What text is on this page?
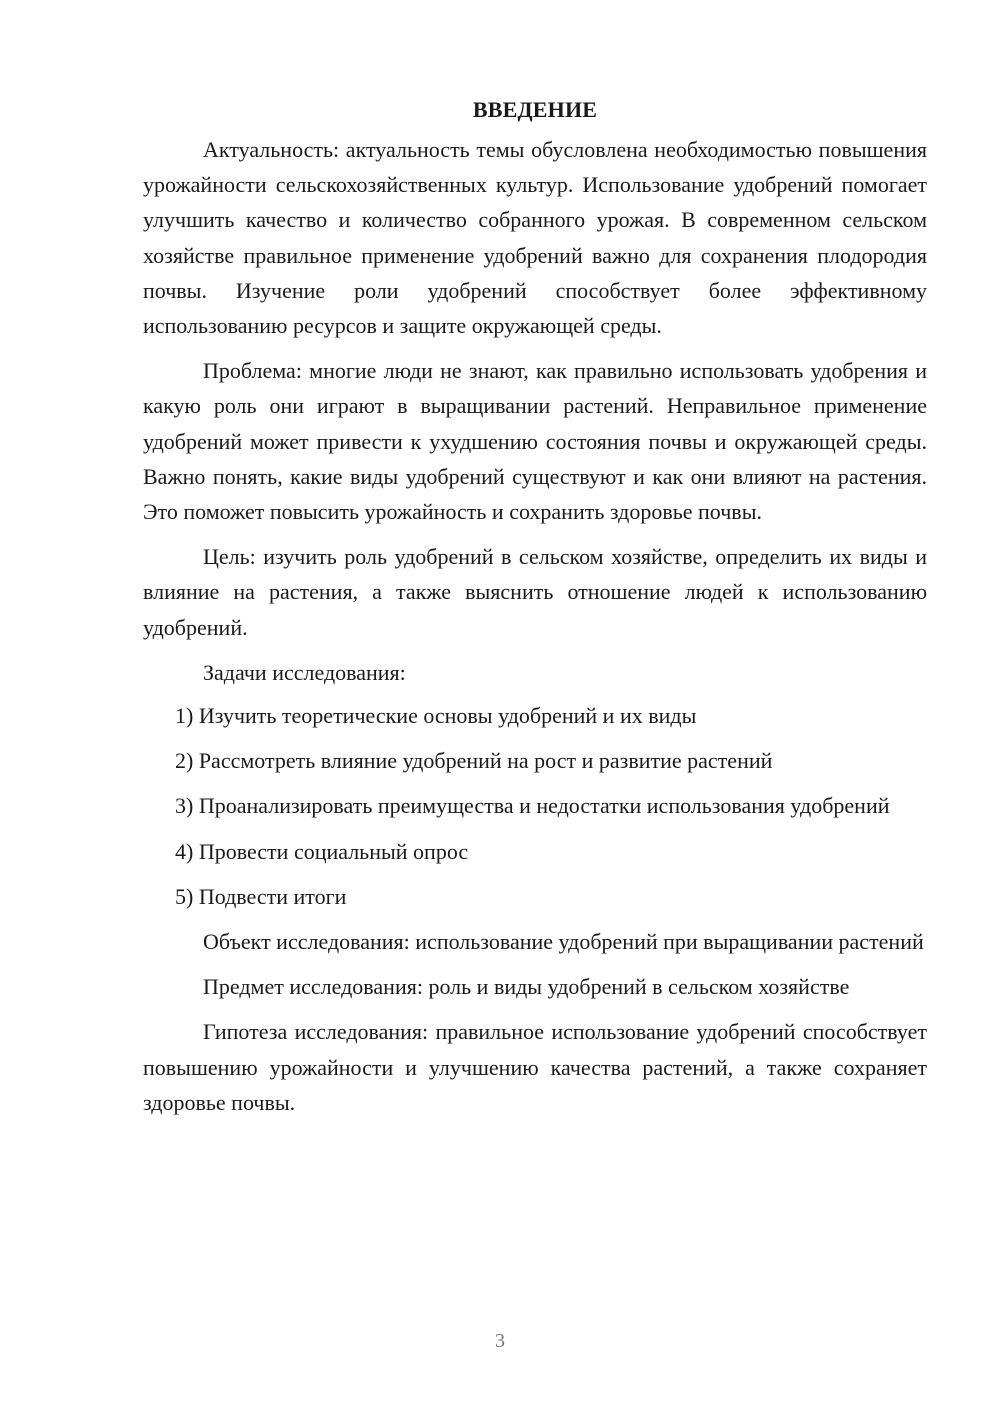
ВВЕДЕНИЕ

Актуальность: актуальность темы обусловлена необходимостью повышения урожайности сельскохозяйственных культур. Использование удобрений помогает улучшить качество и количество собранного урожая. В современном сельском хозяйстве правильное применение удобрений важно для сохранения плодородия почвы. Изучение роли удобрений способствует более эффективному использованию ресурсов и защите окружающей среды.

Проблема: многие люди не знают, как правильно использовать удобрения и какую роль они играют в выращивании растений. Неправильное применение удобрений может привести к ухудшению состояния почвы и окружающей среды. Важно понять, какие виды удобрений существуют и как они влияют на растения. Это поможет повысить урожайность и сохранить здоровье почвы.

Цель: изучить роль удобрений в сельском хозяйстве, определить их виды и влияние на растения, а также выяснить отношение людей к использованию удобрений.

Задачи исследования:

1) Изучить теоретические основы удобрений и их виды

2) Рассмотреть влияние удобрений на рост и развитие растений

3) Проанализировать преимущества и недостатки использования удобрений

4) Провести социальный опрос

5) Подвести итоги

Объект исследования: использование удобрений при выращивании растений

Предмет исследования: роль и виды удобрений в сельском хозяйстве

Гипотеза исследования: правильное использование удобрений способствует повышению урожайности и улучшению качества растений, а также сохраняет здоровье почвы.

3
